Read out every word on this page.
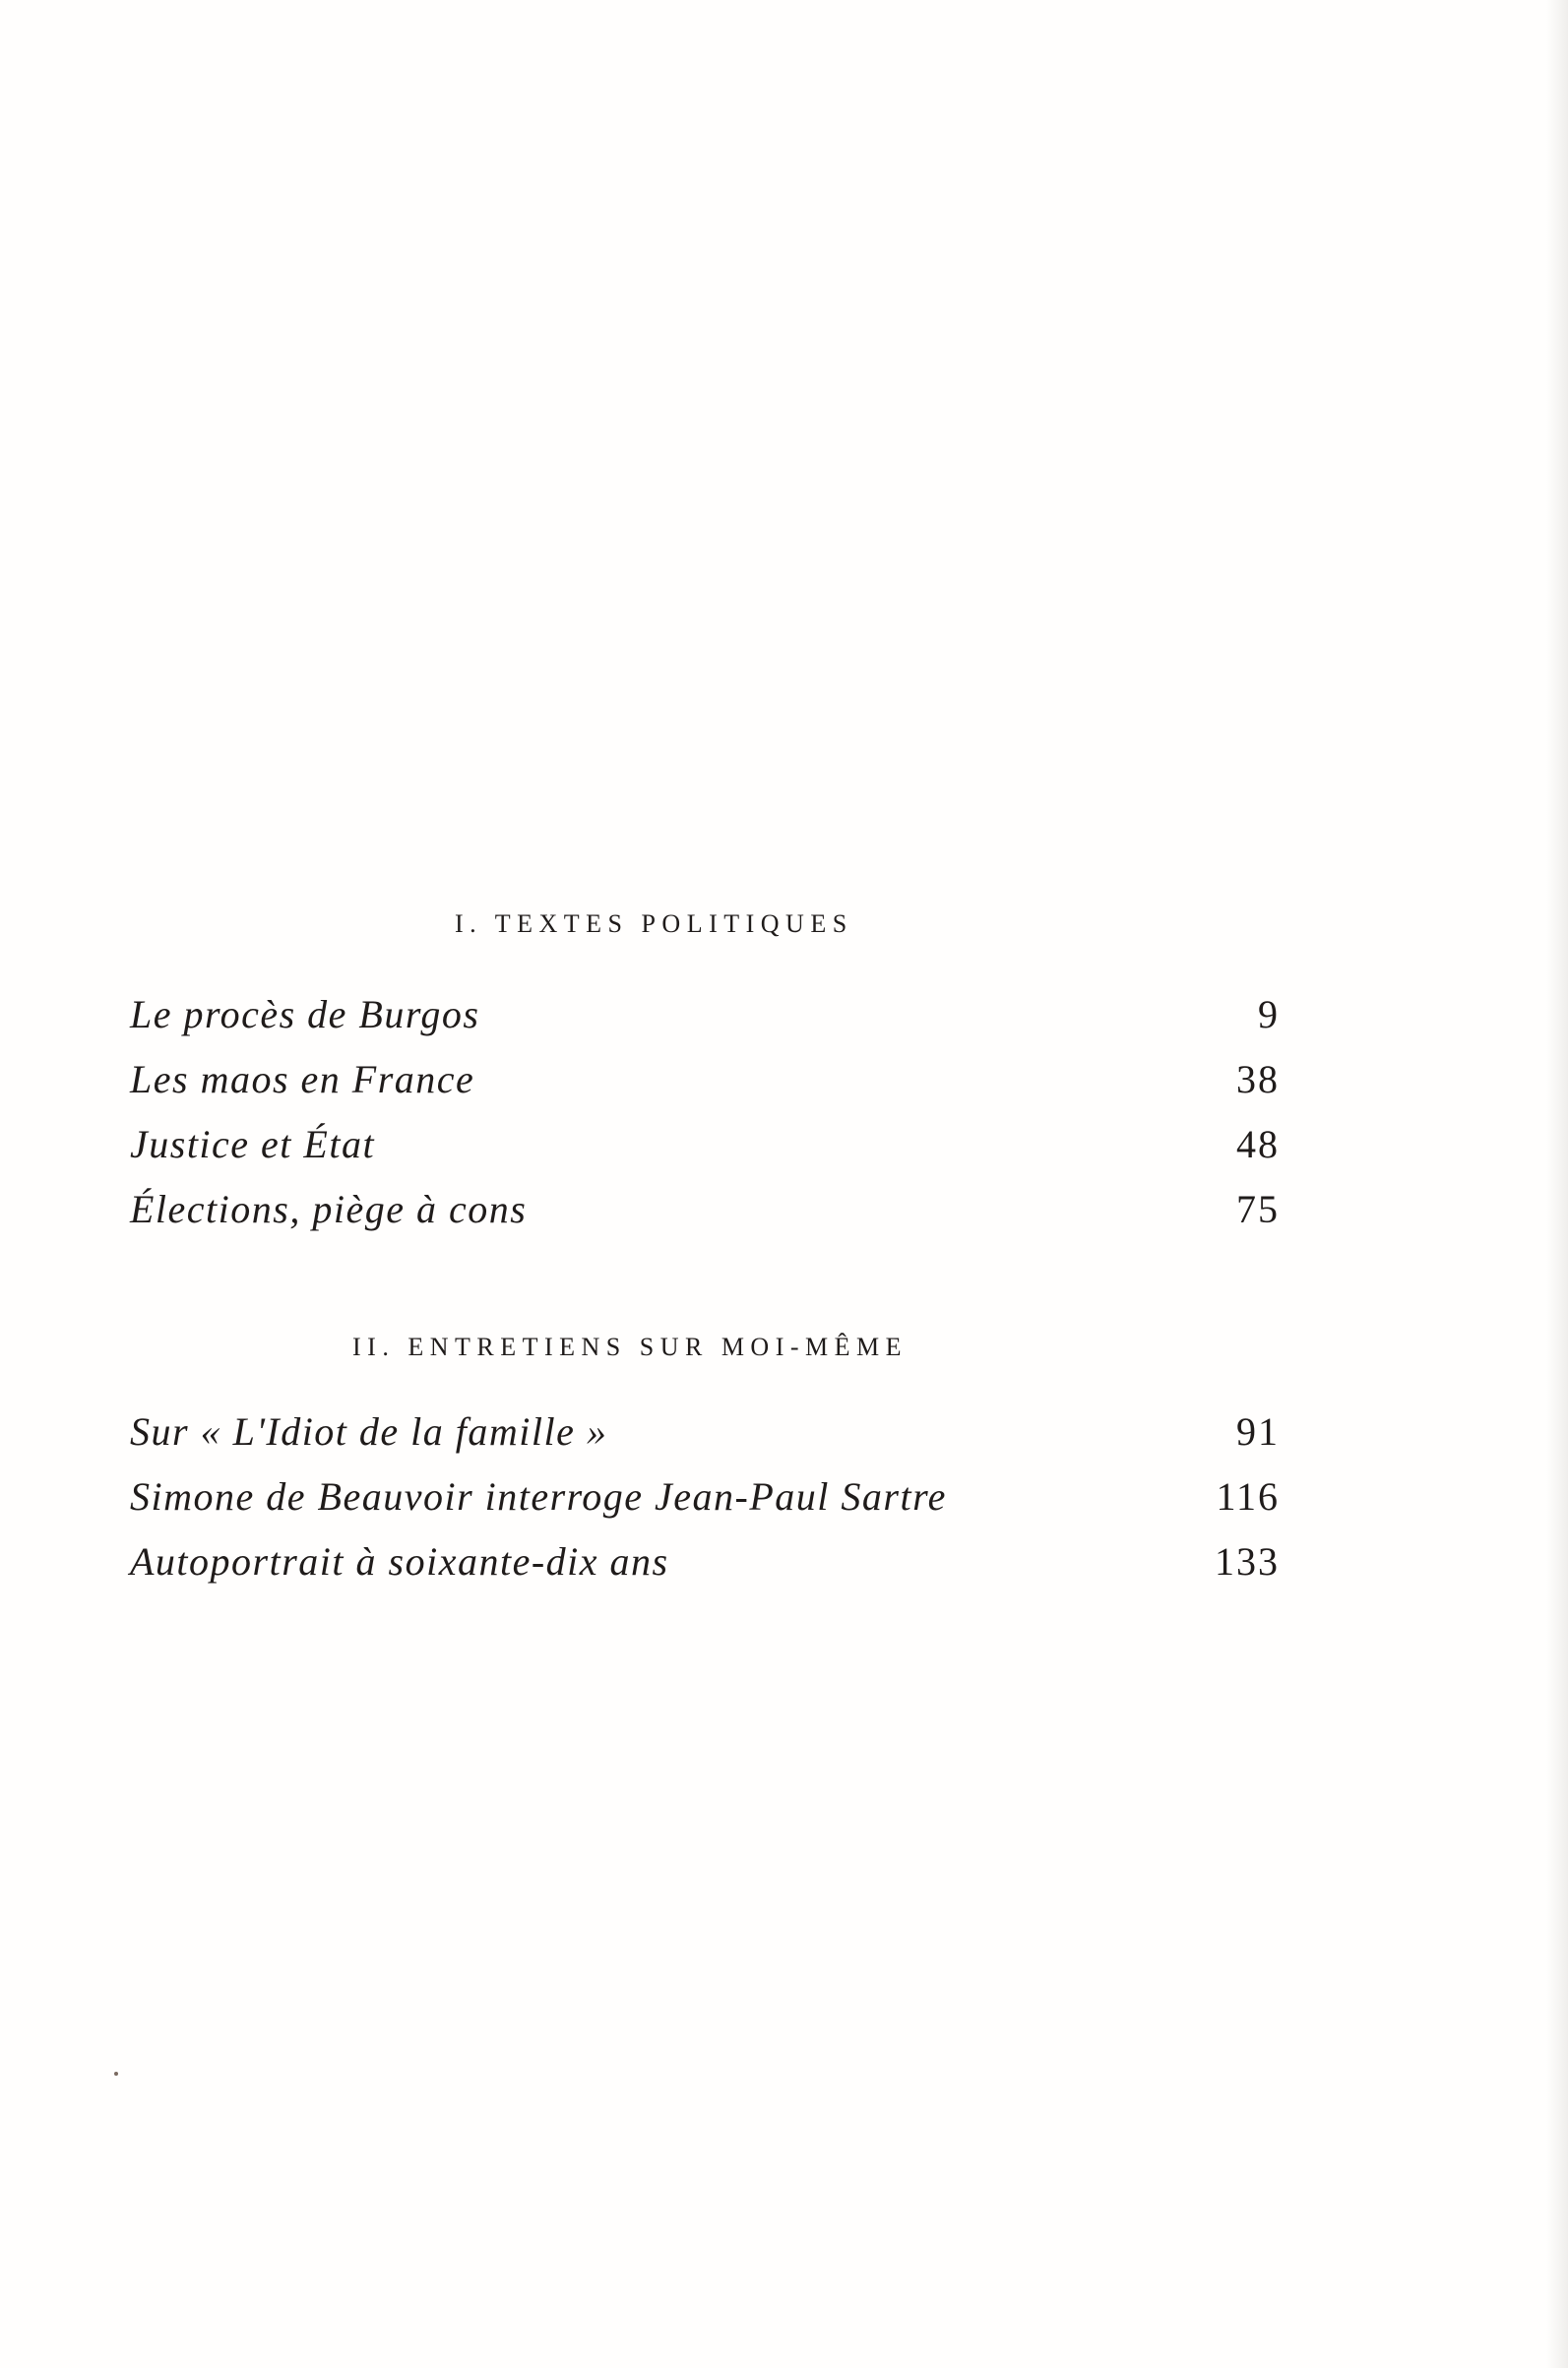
I. TEXTES POLITIQUES
Le procès de Burgos	9
Les maos en France	38
Justice et État	48
Élections, piège à cons	75
II. ENTRETIENS SUR MOI-MÊME
Sur « L'Idiot de la famille »	91
Simone de Beauvoir interroge Jean-Paul Sartre	116
Autoportrait à soixante-dix ans	133
